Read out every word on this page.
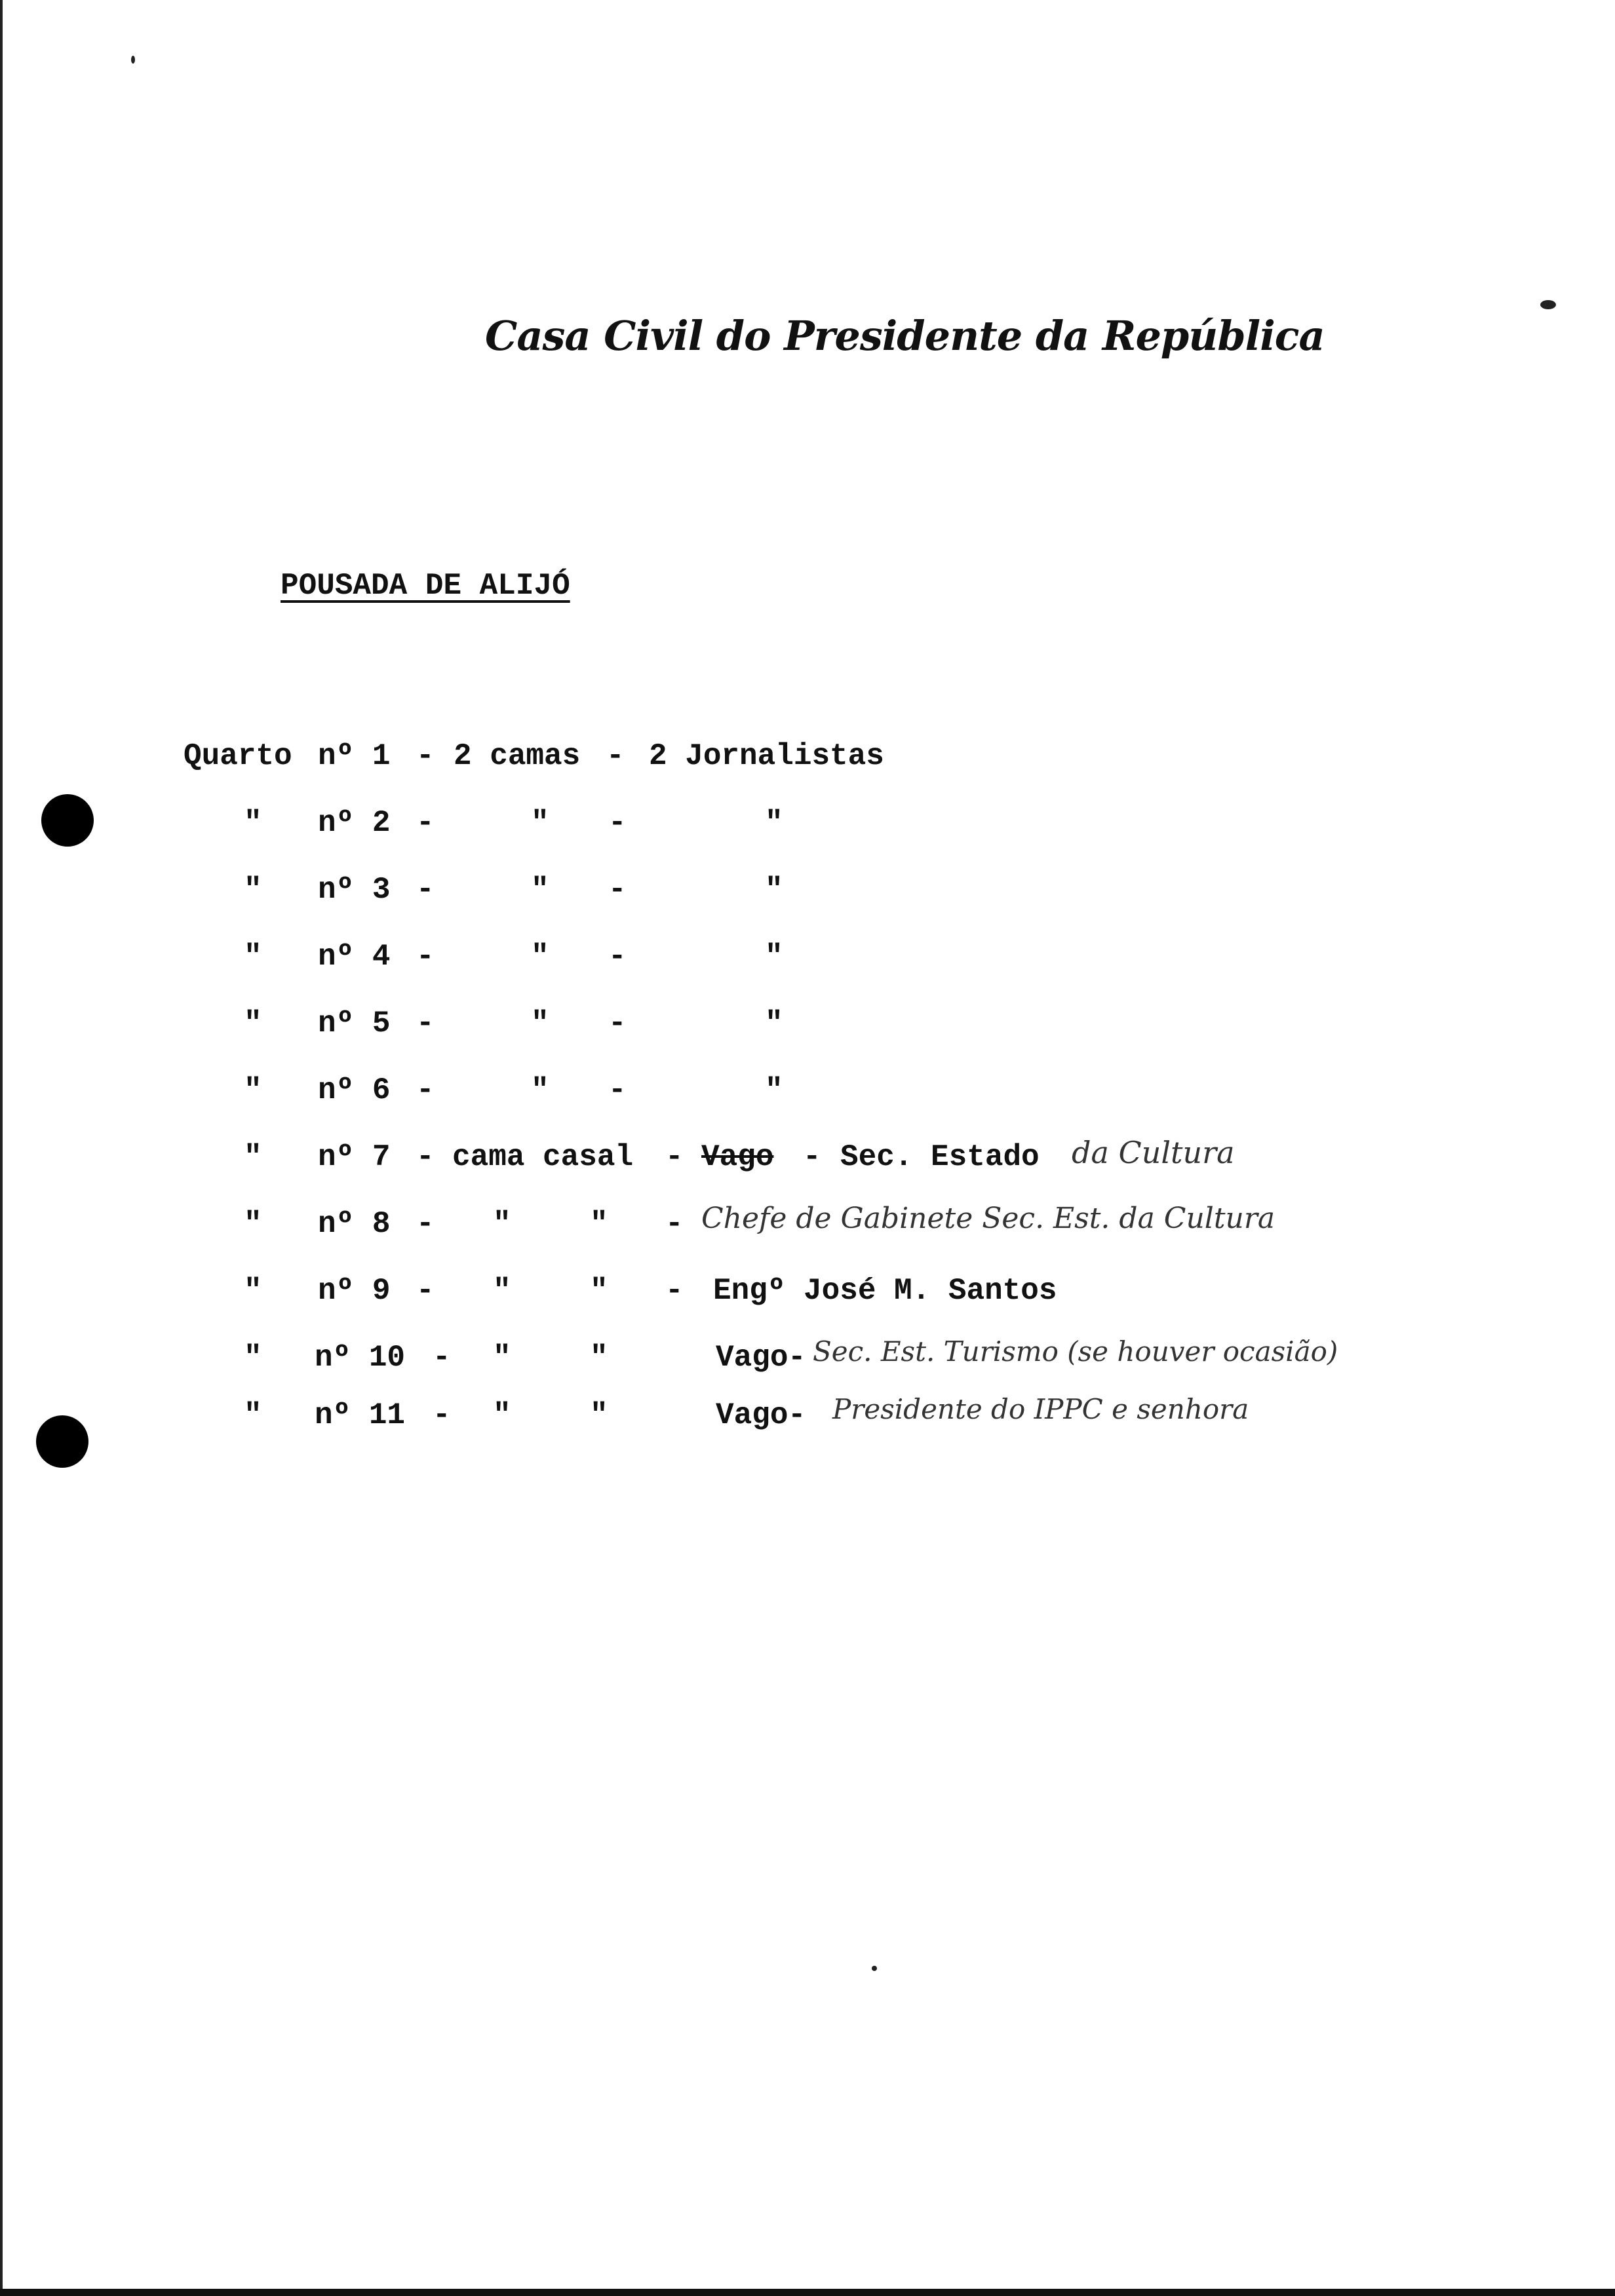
Casa Civil do Presidente da República
POUSADA DE ALIJÓ
Quarto nº 1 - 2 camas - 2 Jornalistas
" nº 2 -	" -	"
" nº 3 -	" -	"
" nº 4 -	" -	"
" nº 5 -	" -	"
" nº 6 -	" -	"
" nº 7 - cama casal - Vago - Sec. Estado da Cultura
" nº 8 - "	" - Chefe de Gabinete Sec. Est. da Cultura
" nº 9 - "	" - Engº José M. Santos
" nº 10 - "	"	Vago - Sec. Est. Turismo (se houver ocasião)
" nº 11 - "	"	Vago - Presidente do IPPC e senhora
